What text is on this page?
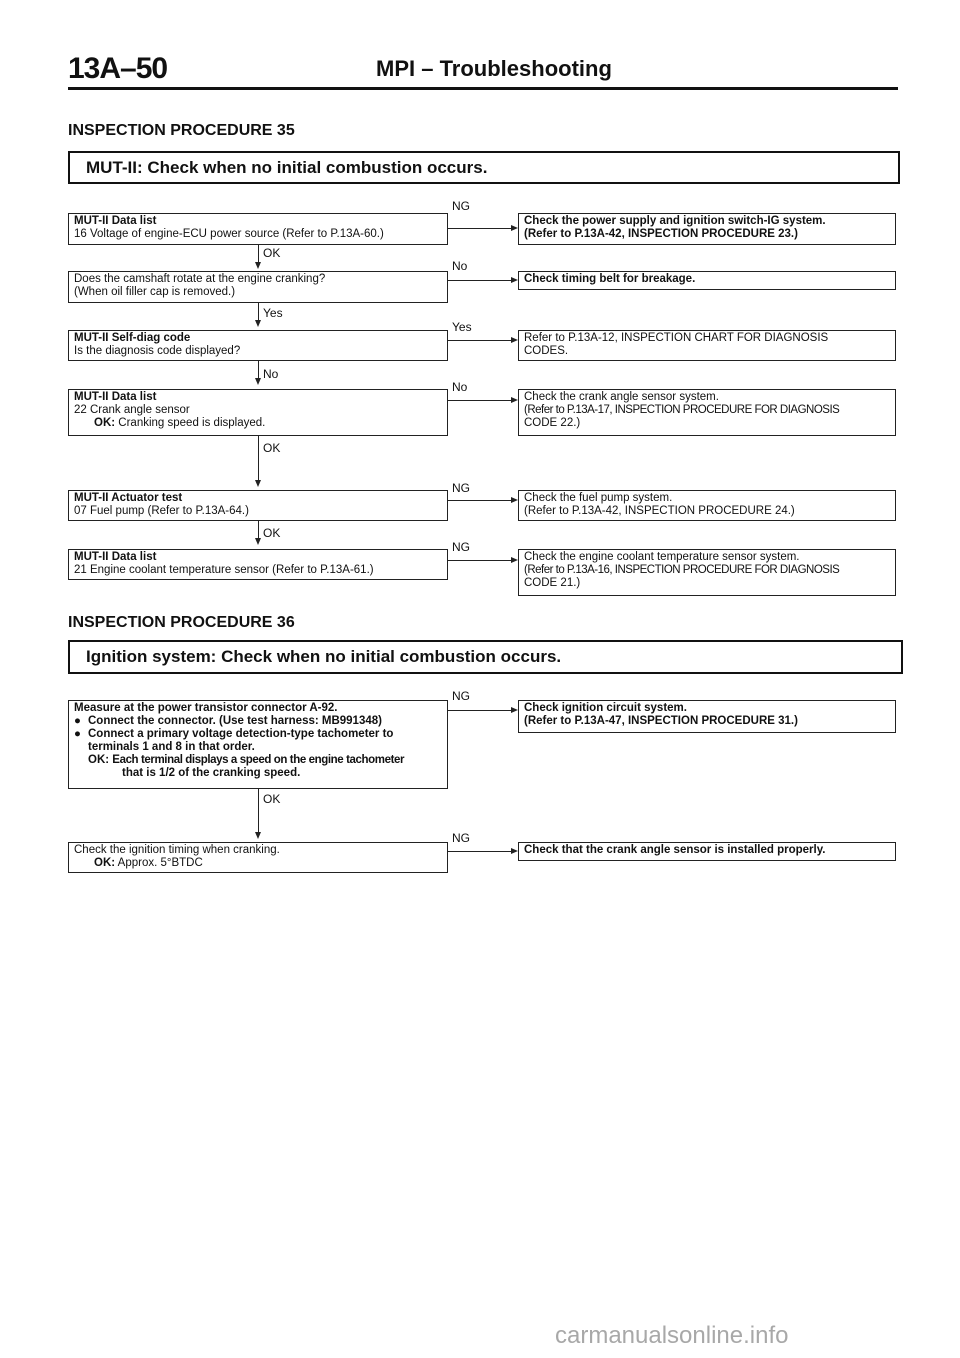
13A–50	MPI – Troubleshooting
INSPECTION PROCEDURE 35
MUT-II: Check when no initial combustion occurs.
MUT-II Data list
16 Voltage of engine-ECU power source (Refer to P.13A-60.)
Check the power supply and ignition switch-IG system.
(Refer to P.13A-42, INSPECTION PROCEDURE 23.)
NG
OK
Does the camshaft rotate at the engine cranking?
(When oil filler cap is removed.)
Check timing belt for breakage.
No
Yes
MUT-II Self-diag code
Is the diagnosis code displayed?
Refer to P.13A-12, INSPECTION CHART FOR DIAGNOSIS
CODES.
Yes
No
MUT-II Data list
22 Crank angle sensor
OK: Cranking speed is displayed.
Check the crank angle sensor system.
(Refer to P.13A-17, INSPECTION PROCEDURE FOR DIAGNOSIS
CODE 22.)
No
OK
MUT-II Actuator test
07 Fuel pump (Refer to P.13A-64.)
Check the fuel pump system.
(Refer to P.13A-42, INSPECTION PROCEDURE 24.)
NG
OK
MUT-II Data list
21 Engine coolant temperature sensor (Refer to P.13A-61.)
Check the engine coolant temperature sensor system.
(Refer to P.13A-16, INSPECTION PROCEDURE FOR DIAGNOSIS
CODE 21.)
NG
INSPECTION PROCEDURE 36
Ignition system: Check when no initial combustion occurs.
Measure at the power transistor connector A-92.
● Connect the connector. (Use test harness: MB991348)
● Connect a primary voltage detection-type tachometer to
terminals 1 and 8 in that order.
OK: Each terminal displays a speed on the engine tachometer
that is 1/2 of the cranking speed.
Check ignition circuit system.
(Refer to P.13A-47, INSPECTION PROCEDURE 31.)
NG
OK
Check the ignition timing when cranking.
OK: Approx. 5°BTDC
Check that the crank angle sensor is installed properly.
NG
carmanualsonline.info
